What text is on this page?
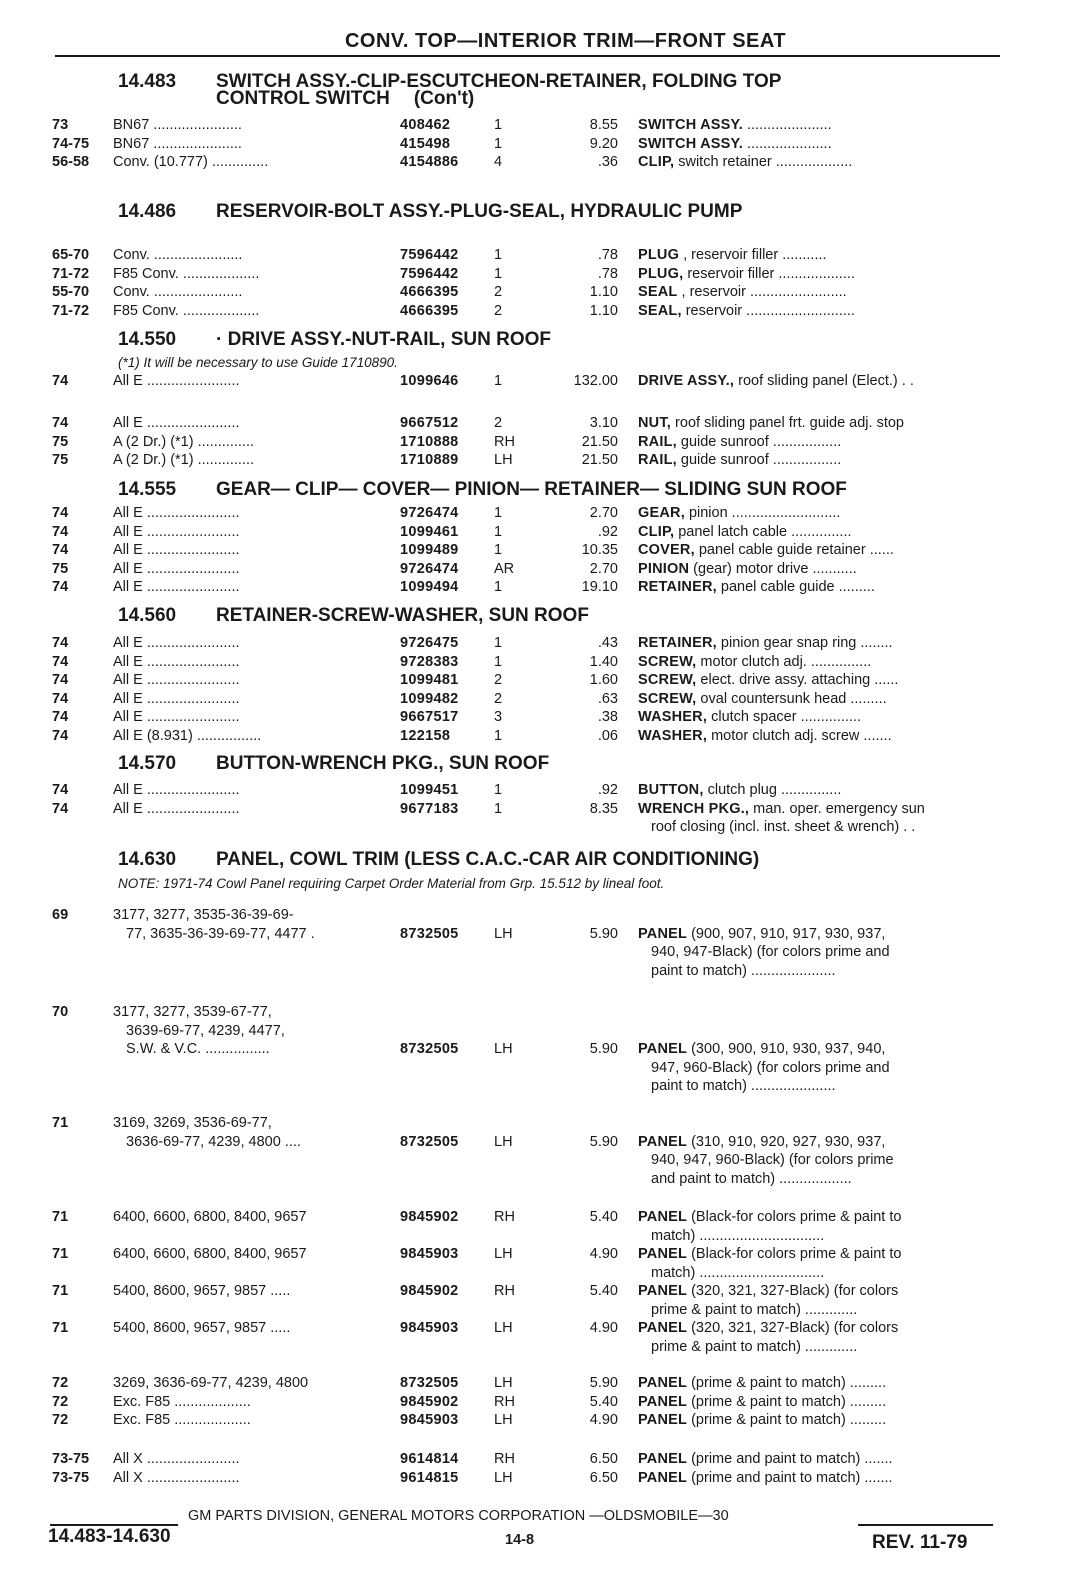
CONV. TOP—INTERIOR TRIM—FRONT SEAT
14.483 SWITCH ASSY.-CLIP-ESCUTCHEON-RETAINER, FOLDING TOP
CONTROL SWITCH (Con't)
73	BN67 ......................	408462	1	8.55 SWITCH ASSY. .....................
74-75 BN67 ......................	415498	1	9.20 SWITCH ASSY. .....................
56-58 Conv. (10.777) ..............	4154886 4	.36 CLIP, switch retainer ...................
14.486 RESERVOIR-BOLT ASSY.-PLUG-SEAL, HYDRAULIC PUMP
65-70 Conv. ......................	7596442 1	.78 PLUG , reservoir filler ...........
71-72 F85 Conv. ...................	7596442 1	.78 PLUG, reservoir filler ...................
55-70 Conv. ......................	4666395 2	1.10 SEAL , reservoir ........................
71-72 F85 Conv. ...................	4666395 2	1.10 SEAL, reservoir ...........................
14.550 · DRIVE ASSY.-NUT-RAIL, SUN ROOF
(*1) It will be necessary to use Guide 1710890.
74	All E .......................	1099646 1	132.00 DRIVE ASSY., roof sliding panel (Elect.) . .
74	All E .......................	9667512 2	3.10 NUT, roof sliding panel frt. guide adj. stop
75	A (2 Dr.) (*1) ..............	1710888 RH	21.50 RAIL, guide sunroof .................
75	A (2 Dr.) (*1) ..............	1710889 LH	21.50 RAIL, guide sunroof .................
14.555 GEAR— CLIP— COVER— PINION— RETAINER— SLIDING SUN ROOF
74	All E .......................	9726474 1	2.70 GEAR, pinion ...........................
74	All E .......................	1099461 1	.92 CLIP, panel latch cable ...............
74	All E .......................	1099489 1	10.35 COVER, panel cable guide retainer ......
75	All E .......................	9726474 AR	2.70 PINION (gear) motor drive ...........
74	All E .......................	1099494 1	19.10 RETAINER, panel cable guide .........
14.560 RETAINER-SCREW-WASHER, SUN ROOF
74	All E .......................	9726475 1	.43 RETAINER, pinion gear snap ring ........
74	All E .......................	9728383 1	1.40 SCREW, motor clutch adj. ...............
74	All E .......................	1099481 2	1.60 SCREW, elect. drive assy. attaching ......
74	All E .......................	1099482 2	.63 SCREW, oval countersunk head .........
74	All E .......................	9667517 3	.38 WASHER, clutch spacer ...............
74	All E (8.931) ................	122158	1	.06 WASHER, motor clutch adj. screw .......
14.570 BUTTON-WRENCH PKG., SUN ROOF
74	All E .......................	1099451 1	.92 BUTTON, clutch plug ...............
74	All E .......................	9677183 1	8.35 WRENCH PKG., man. oper. emergency sun
roof closing (incl. inst. sheet & wrench) . .
14.630 PANEL, COWL TRIM (LESS C.A.C.-CAR AIR CONDITIONING)
NOTE: 1971-74 Cowl Panel requiring Carpet Order Material from Grp. 15.512 by lineal foot.
69	3177, 3277, 3535-36-39-69-
77, 3635-36-39-69-77, 4477 .	8732505 LH	5.90 PANEL (900, 907, 910, 917, 930, 937,
940, 947-Black) (for colors prime and
paint to match) .....................
70	3177, 3277, 3539-67-77,
3639-69-77, 4239, 4477,
S.W. & V.C. ................	8732505 LH	5.90 PANEL (300, 900, 910, 930, 937, 940,
947, 960-Black) (for colors prime and
paint to match) .....................
71	3169, 3269, 3536-69-77,
3636-69-77, 4239, 4800 ....	8732505 LH	5.90 PANEL (310, 910, 920, 927, 930, 937,
940, 947, 960-Black) (for colors prime
and paint to match) ..................
71	6400, 6600, 6800, 8400, 9657	9845902 RH	5.40 PANEL (Black-for colors prime & paint to
match) ...............................
71	6400, 6600, 6800, 8400, 9657	9845903 LH	4.90 PANEL (Black-for colors prime & paint to
match) ...............................
71	5400, 8600, 9657, 9857 .....	9845902 RH	5.40 PANEL (320, 321, 327-Black) (for colors
prime & paint to match) .............
71	5400, 8600, 9657, 9857 .....	9845903 LH	4.90 PANEL (320, 321, 327-Black) (for colors
prime & paint to match) .............
72	3269, 3636-69-77, 4239, 4800	8732505 LH	5.90 PANEL (prime & paint to match) .........
72	Exc. F85 ...................	9845902 RH	5.40 PANEL (prime & paint to match) .........
72	Exc. F85 ...................	9845903 LH	4.90 PANEL (prime & paint to match) .........
73-75 All X .......................	9614814 RH	6.50 PANEL (prime and paint to match) .......
73-75 All X .......................	9614815 LH	6.50 PANEL (prime and paint to match) .......
GM PARTS DIVISION, GENERAL MOTORS CORPORATION —OLDSMOBILE—30
14.483-14.630	14-8	REV. 11-79
